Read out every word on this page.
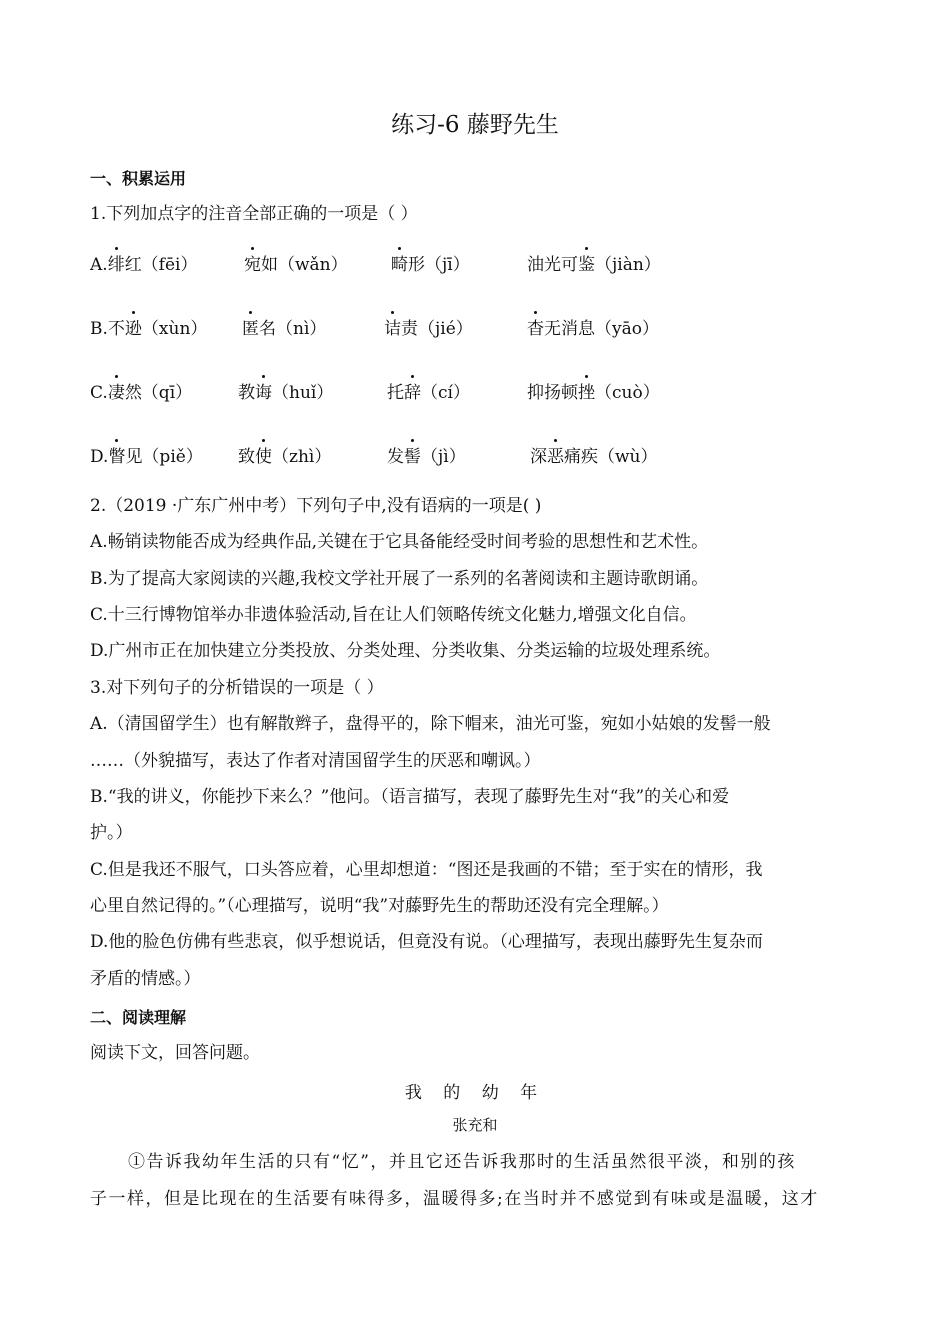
练习-6 藤野先生
一、积累运用
1.下列加点字的注音全部正确的一项是（ ）
A.绯红（fēi）	宛如（wǎn）	畸形（jī）	油光可鉴（jiàn）
B.不逊（xùn） 匿名（nì）	诘责（jié）	杳无消息（yāo）
C.凄然（qī）	教诲（huǐ）	托辞（cí）	抑扬顿挫（cuò）
D.瞥见（piě） 致使（zhì）	发髻（jì）	深恶痛疾（wù）
2.（2019 ·广东广州中考）下列句子中,没有语病的一项是( )
A.畅销读物能否成为经典作品,关键在于它具备能经受时间考验的思想性和艺术性。
B.为了提高大家阅读的兴趣,我校文学社开展了一系列的名著阅读和主题诗歌朗诵。
C.十三行博物馆举办非遗体验活动,旨在让人们领略传统文化魅力,增强文化自信。
D.广州市正在加快建立分类投放、分类处理、分类收集、分类运输的垃圾处理系统。
3.对下列句子的分析错误的一项是（ ）
A.（清国留学生）也有解散辫子，盘得平的，除下帽来，油光可鉴，宛如小姑娘的发髻一般
……（外貌描写，表达了作者对清国留学生的厌恶和嘲讽。）
B.“我的讲义，你能抄下来么？”他问。（语言描写，表现了藤野先生对“我”的关心和爱
护。）
C.但是我还不服气，口头答应着，心里却想道：“图还是我画的不错；至于实在的情形，我
心里自然记得的。”（心理描写，说明“我”对藤野先生的帮助还没有完全理解。）
D.他的脸色仿佛有些悲哀，似乎想说话，但竟没有说。（心理描写，表现出藤野先生复杂而
矛盾的情感。）
二、阅读理解
阅读下文，回答问题。
我 的 幼 年
张充和
①告诉我幼年生活的只有“忆”，并且它还告诉我那时的生活虽然很平淡，和别的孩
子一样，但是比现在的生活要有味得多，温暖得多;在当时并不感觉到有味或是温暖，这才
